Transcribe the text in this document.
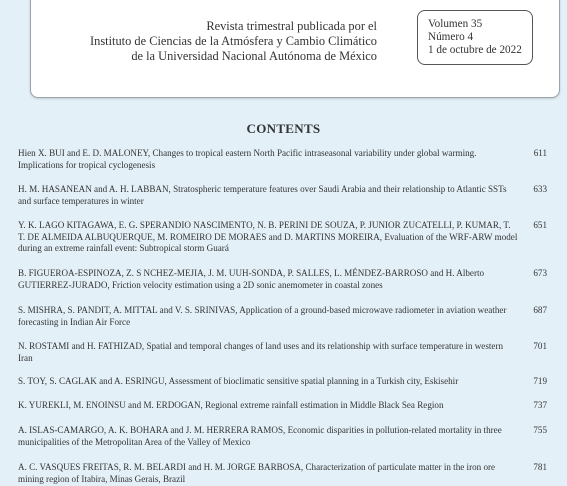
Revista trimestral publicada por el
Instituto de Ciencias de la Atmósfera y Cambio Climático
de la Universidad Nacional Autónoma de México
Volumen 35
Número 4
1 de octubre de 2022
CONTENTS
Hien X. BUI and E. D. MALONEY, Changes to tropical eastern North Pacific intraseasonal variability under global warming. Implications for tropical cyclogenesis
611
H. M. HASANEAN and A. H. LABBAN, Stratospheric temperature features over Saudi Arabia and their relationship to Atlantic SSTs and surface temperatures in winter
633
Y. K. LAGO KITAGAWA, E. G. SPERANDIO NASCIMENTO, N. B. PERINI DE SOUZA, P. JUNIOR ZUCATELLI, P. KUMAR, T. T. DE ALMEIDA ALBUQUERQUE, M. ROMEIRO DE MORAES and D. MARTINS MOREIRA, Evaluation of the WRF-ARW model during an extreme rainfall event: Subtropical storm Guará
651
B. FIGUEROA-ESPINOZA, Z. S NCHEZ-MEJIA, J. M. UUH-SONDA, P. SALLES, L. MÉNDEZ-BARROSO and H. Alberto GUTIERREZ-JURADO, Friction velocity estimation using a 2D sonic anemometer in coastal zones
673
S. MISHRA, S. PANDIT, A. MITTAL and V. S. SRINIVAS, Application of a ground-based microwave radiometer in aviation weather forecasting in Indian Air Force
687
N. ROSTAMI and H. FATHIZAD, Spatial and temporal changes of land uses and its relationship with surface temperature in western Iran
701
S. TOY, S. CAGLAK and A. ESRINGU, Assessment of bioclimatic sensitive spatial planning in a Turkish city, Eskisehir	719
K. YUREKLI, M. ENOINSU and M. ERDOGAN, Regional extreme rainfall estimation in Middle Black Sea Region	737
A. ISLAS-CAMARGO, A. K. BOHARA and J. M. HERRERA RAMOS, Economic disparities in pollution-related mortality in three municipalities of the Metropolitan Area of the Valley of Mexico
755
A. C. VASQUES FREITAS, R. M. BELARDI and H. M. JORGE BARBOSA, Characterization of particulate matter in the iron ore mining region of Itabira, Minas Gerais, Brazil
781
